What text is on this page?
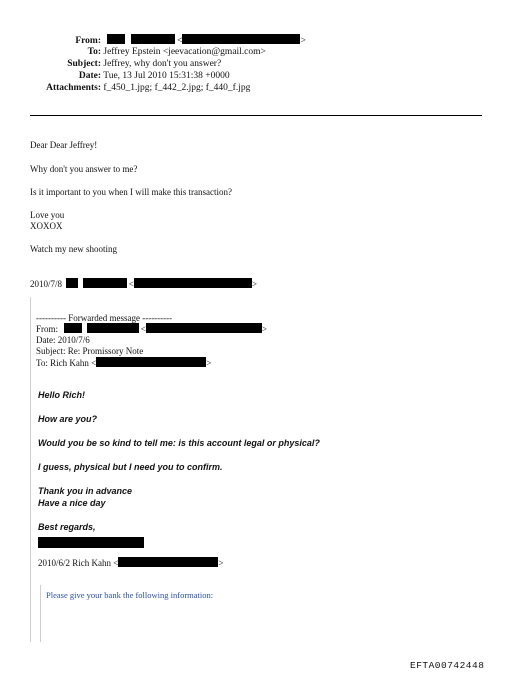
From:	<	>
To: Jeffrey Epstein <jeevacation@gmail.com>
Subject: Jeffrey, why don't you answer?
Date: Tue, 13 Jul 2010 15:31:38 +0000
Attachments: f_450_1.jpg; f_442_2.jpg; f_440_f.jpg
Dear Dear Jeffrey!
Why don't you answer to me?
Is it important to you when I will make this transaction?
Love you
XOXOX
Watch my new shooting
2010/7/8	<	>
---------- Forwarded message ----------
From:	<	>
Date: 2010/7/6
Subject: Re: Promissory Note
To: Rich Kahn <	>
Hello Rich!
How are you?
Would you be so kind to tell me: is this account legal or physical?
I guess, physical but I need you to confirm.
Thank you in advance
Have a nice day
Best regards,
2010/6/2 Rich Kahn <	>
Please give your bank the following information:
EFTA00742448
